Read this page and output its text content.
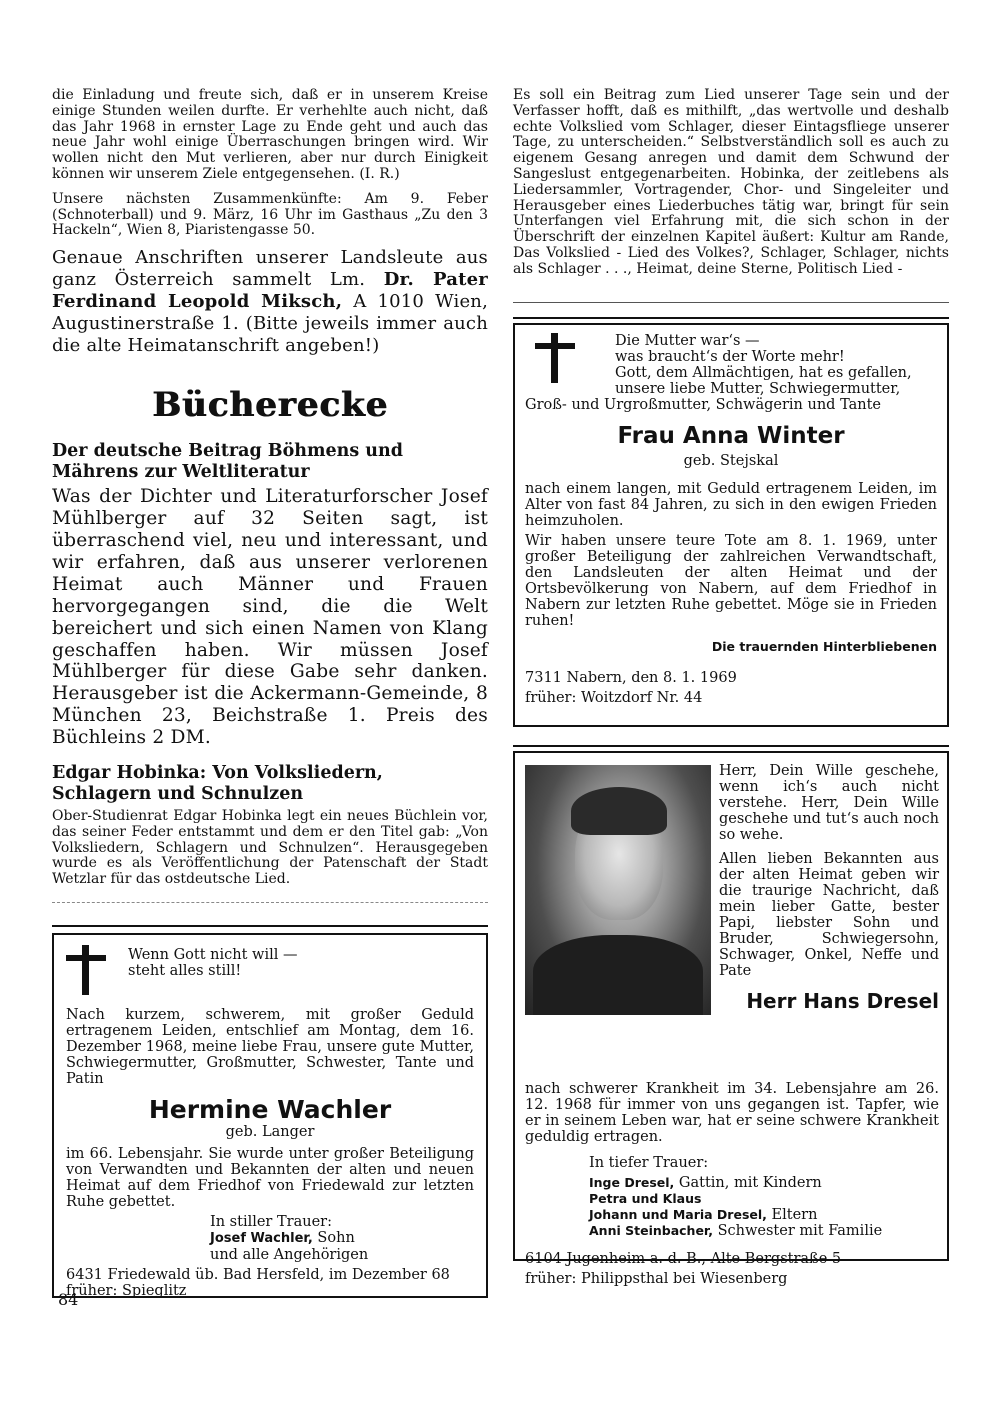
die Einladung und freute sich, daß er in unserem Kreise einige Stunden weilen durfte. Er verhehlte auch nicht, daß das Jahr 1968 in ernster Lage zu Ende geht und auch das neue Jahr wohl einige Überraschungen bringen wird. Wir wollen nicht den Mut verlieren, aber nur durch Einigkeit können wir unserem Ziele entgegensehen. (I. R.)

Unsere nächsten Zusammenkünfte: Am 9. Feber (Schnoterball) und 9. März, 16 Uhr im Gasthaus „Zu den 3 Hackeln“, Wien 8, Piaristengasse 50.

Genaue Anschriften unserer Landsleute aus ganz Österreich sammelt Lm. Dr. Pater Ferdinand Leopold Miksch, A 1010 Wien, Augustinerstraße 1. (Bitte jeweils immer auch die alte Heimatanschrift angeben!)

Bücherecke

Der deutsche Beitrag Böhmens und Mährens zur Weltliteratur

Was der Dichter und Literaturforscher Josef Mühlberger auf 32 Seiten sagt, ist überraschend viel, neu und interessant, und wir erfahren, daß aus unserer verlorenen Heimat auch Männer und Frauen hervorgegangen sind, die die Welt bereichert und sich einen Namen von Klang geschaffen haben. Wir müssen Josef Mühlberger für diese Gabe sehr danken. Herausgeber ist die Ackermann-Gemeinde, 8 München 23, Beichstraße 1. Preis des Büchleins 2 DM.

Edgar Hobinka: Von Volksliedern, Schlagern und Schnulzen

Ober-Studienrat Edgar Hobinka legt ein neues Büchlein vor, das seiner Feder entstammt und dem er den Titel gab: „Von Volksliedern, Schlagern und Schnulzen“. Herausgegeben wurde es als Veröffentlichung der Patenschaft der Stadt Wetzlar für das ostdeutsche Lied.

Wenn Gott nicht will —
steht alles still!

Nach kurzem, schwerem, mit großer Geduld ertragenem Leiden, entschlief am Montag, dem 16. Dezember 1968, meine liebe Frau, unsere gute Mutter, Schwiegermutter, Großmutter, Schwester, Tante und Patin

Hermine Wachler

geb. Langer

im 66. Lebensjahr. Sie wurde unter großer Beteiligung von Verwandten und Bekannten der alten und neuen Heimat auf dem Friedhof von Friedewald zur letzten Ruhe gebettet.

In stiller Trauer:

Josef Wachler, Sohn

und alle Angehörigen

6431 Friedewald üb. Bad Hersfeld, im Dezember 68

früher: Spieglitz

84

Es soll ein Beitrag zum Lied unserer Tage sein und der Verfasser hofft, daß es mithilft, „das wertvolle und deshalb echte Volkslied vom Schlager, dieser Eintagsfliege unserer Tage, zu unterscheiden.“ Selbstverständlich soll es auch zu eigenem Gesang anregen und damit dem Schwund der Sangeslust entgegenarbeiten. Hobinka, der zeitlebens als Liedersammler, Vortragender, Chor- und Singeleiter und Herausgeber eines Liederbuches tätig war, bringt für sein Unterfangen viel Erfahrung mit, die sich schon in der Überschrift der einzelnen Kapitel äußert: Kultur am Rande, Das Volkslied - Lied des Volkes?, Schlager, Schlager, nichts als Schlager . . ., Heimat, deine Sterne, Politisch Lied -

Die Mutter war‘s —
was braucht‘s der Worte mehr!
Gott, dem Allmächtigen, hat es gefallen,
unsere liebe Mutter, Schwiegermutter,

Groß- und Urgroßmutter, Schwägerin und Tante

Frau Anna Winter

geb. Stejskal

nach einem langen, mit Geduld ertragenem Leiden, im Alter von fast 84 Jahren, zu sich in den ewigen Frieden heimzuholen.

Wir haben unsere teure Tote am 8. 1. 1969, unter großer Beteiligung der zahlreichen Verwandtschaft, den Landsleuten der alten Heimat und der Ortsbevölkerung von Nabern, auf dem Friedhof in Nabern zur letzten Ruhe gebettet. Möge sie in Frieden ruhen!

Die trauernden Hinterbliebenen

7311 Nabern, den 8. 1. 1969

früher: Woitzdorf Nr. 44

Herr, Dein Wille geschehe, wenn ich‘s auch nicht verstehe. Herr, Dein Wille geschehe und tut‘s auch noch so wehe.

Allen lieben Bekannten aus der alten Heimat geben wir die traurige Nachricht, daß mein lieber Gatte, bester Papi, liebster Sohn und Bruder, Schwiegersohn, Schwager, Onkel, Neffe und Pate

Herr Hans Dresel

nach schwerer Krankheit im 34. Lebensjahre am 26. 12. 1968 für immer von uns gegangen ist. Tapfer, wie er in seinem Leben war, hat er seine schwere Krankheit geduldig ertragen.

In tiefer Trauer:

Inge Dresel, Gattin, mit Kindern

Petra und Klaus

Johann und Maria Dresel, Eltern

Anni Steinbacher, Schwester mit Familie

6104 Jugenheim a. d. B., Alte Bergstraße 5

früher: Philippsthal bei Wiesenberg
